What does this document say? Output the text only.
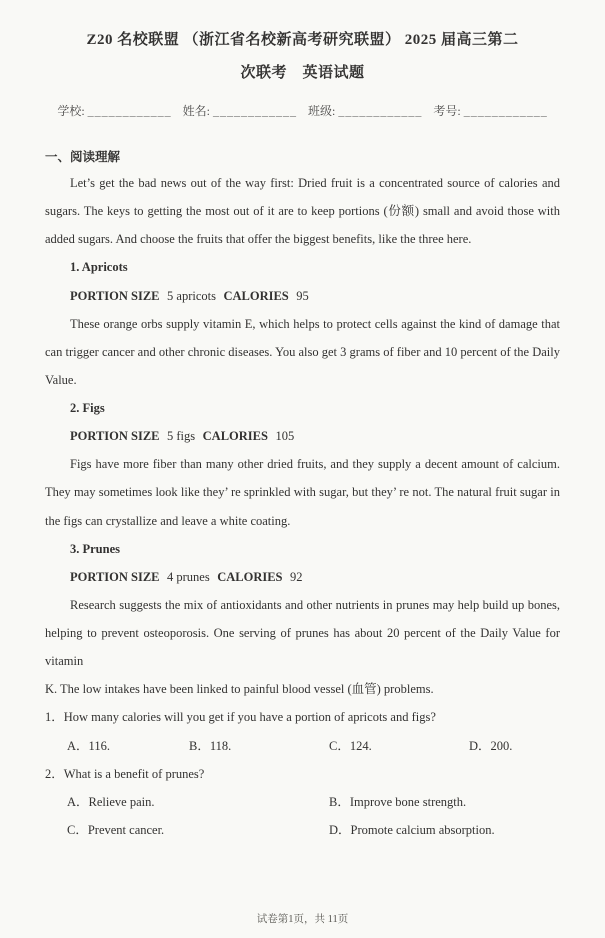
Z20 名校联盟 （浙江省名校新高考研究联盟） 2025 届高三第二
次联考　英语试题
学校: ____________ 姓名: ____________ 班级: ____________ 考号: ____________

一、阅读理解

Let’s get the bad news out of the way first: Dried fruit is a concentrated source of calories and sugars. The keys to getting the most out of it are to keep portions (份额) small and avoid those with added sugars. And choose the fruits that offer the biggest benefits, like the three here.

1. Apricots

PORTION SIZE 5 apricots CALORIES 95

These orange orbs supply vitamin E, which helps to protect cells against the kind of damage that can trigger cancer and other chronic diseases. You also get 3 grams of fiber and 10 percent of the Daily Value.

2. Figs

PORTION SIZE 5 figs CALORIES 105

Figs have more fiber than many other dried fruits, and they supply a decent amount of calcium. They may sometimes look like they’ re sprinkled with sugar, but they’ re not. The natural fruit sugar in the figs can crystallize and leave a white coating.

3. Prunes

PORTION SIZE 4 prunes CALORIES 92

Research suggests the mix of antioxidants and other nutrients in prunes may help build up bones, helping to prevent osteoporosis. One serving of prunes has about 20 percent of the Daily Value for vitamin

K. The low intakes have been linked to painful blood vessel (血管) problems.

1．How many calories will you get if you have a portion of apricots and figs?

A．116.	B．118.	C．124.	D．200.

2．What is a benefit of prunes?

A．Relieve pain.	B．Improve bone strength.
C．Prevent cancer.	D．Promote calcium absorption.
试卷第1页，共 11页
